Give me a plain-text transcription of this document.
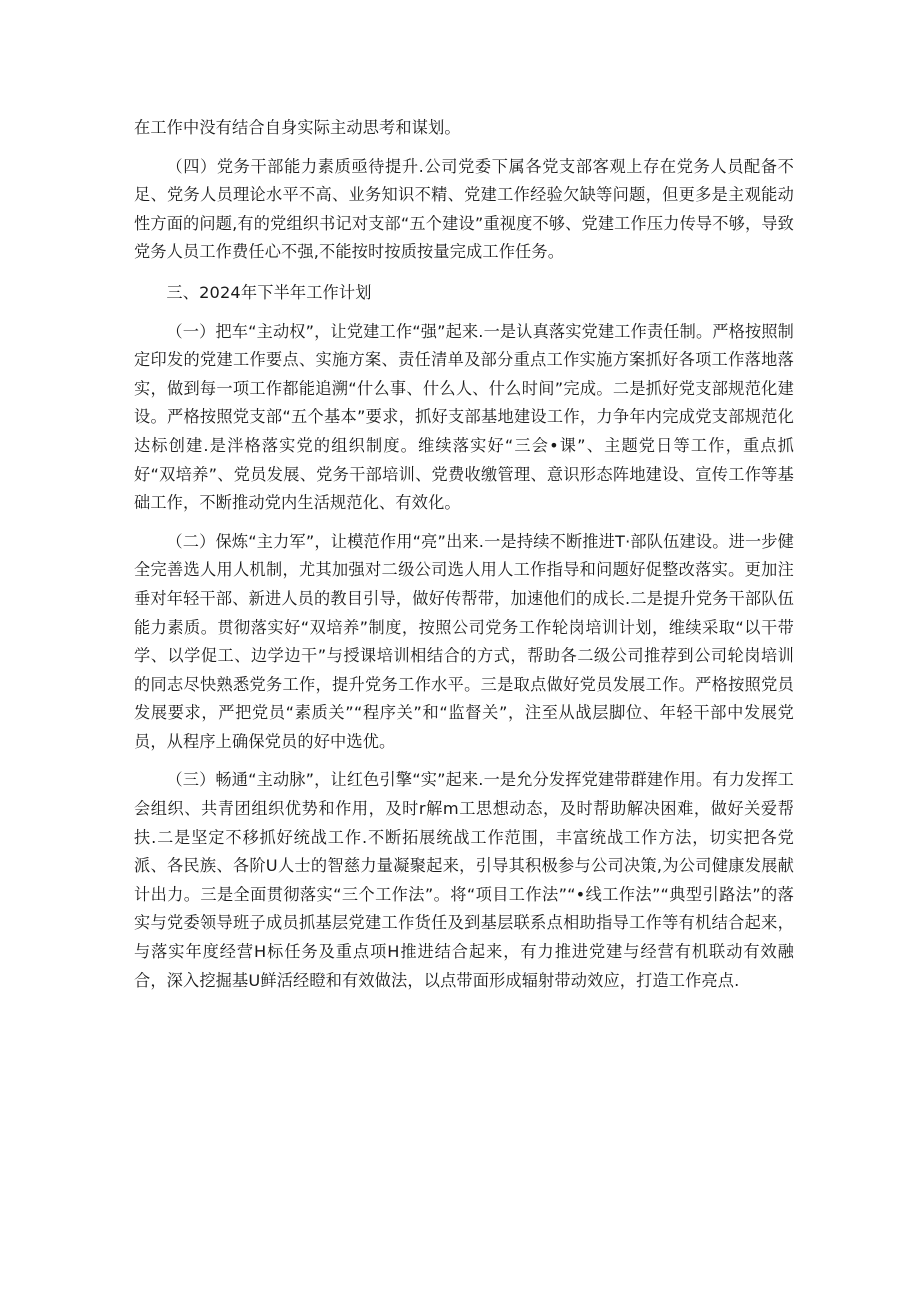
在工作中没有结合自身实际主动思考和谋划。

（四）党务干部能力素质亟待提升.公司党委下属各党支部客观上存在党务人员配备不足、党务人员理论水平不高、业务知识不精、党建工作经验欠缺等问题，但更多是主观能动性方面的问题,有的党组织书记对支部“五个建设”重视度不够、党建工作压力传导不够，导致党务人员工作费任心不强,不能按时按质按量完成工作任务。

三、2024年下半年工作计划

（一）把车“主动权”，让党建工作“强”起来.一是认真落实党建工作责任制。严格按照制定印发的党建工作要点、实施方案、责任清单及部分重点工作实施方案抓好各项工作落地落实，做到每一项工作都能追溯“什么事、什么人、什么时间”完成。二是抓好党支部规范化建设。严格按照党支部“五个基本”要求，抓好支部基地建设工作，力争年内完成党支部规范化达标创建.是泮格落实党的组织制度。维续落实好“三会•课”、主题党日等工作，重点抓好“双培养”、党员发展、党务干部培训、党费收缴管理、意识形态阵地建设、宣传工作等基础工作，不断推动党内生活规范化、有效化。

（二）保炼“主力军”，让模范作用“亮”出来.一是持续不断推进T·部队伍建设。进一步健全完善选人用人机制，尤其加强对二级公司选人用人工作指导和问题好促整改落实。更加注垂对年轻干部、新进人员的教目引导，做好传帮带，加速他们的成长.二是提升党务干部队伍能力素质。贯彻落实好“双培养”制度，按照公司党务工作轮岗培训计划，维续采取“以干带学、以学促工、边学边干”与授课培训相结合的方式，帮助各二级公司推荐到公司轮岗培训的同志尽快熟悉党务工作，提升党务工作水平。三是取点做好党员发展工作。严格按照党员发展要求，严把党员“素质关”“程序关”和“监督关”，注至从战层脚位、年轻干部中发展党员，从程序上确保党员的好中选优。

（三）畅通“主动脉”，让红色引擎“实”起来.一是允分发挥党建带群建作用。有力发挥工会组织、共青团组织优势和作用，及时r解m工思想动态，及时帮助解决困难，做好关爱帮扶.二是坚定不移抓好统战工作.不断拓展统战工作范围，丰富统战工作方法，切实把各党派、各民族、各阶U人士的智慈力量凝聚起来，引导其积极参与公司决策,为公司健康发展献计出力。三是全面贯彻落实“三个工作法”。将“项目工作法”“•线工作法”“典型引路法”的落实与党委领导班子成员抓基层党建工作货任及到基层联系点相助指导工作等有机结合起来，与落实年度经营H标任务及重点项H推进结合起来，有力推进党建与经营有机联动有效融合，深入挖掘基U鲜活经瞪和有效做法，以点带面形成辐射带动效应，打造工作亮点.
